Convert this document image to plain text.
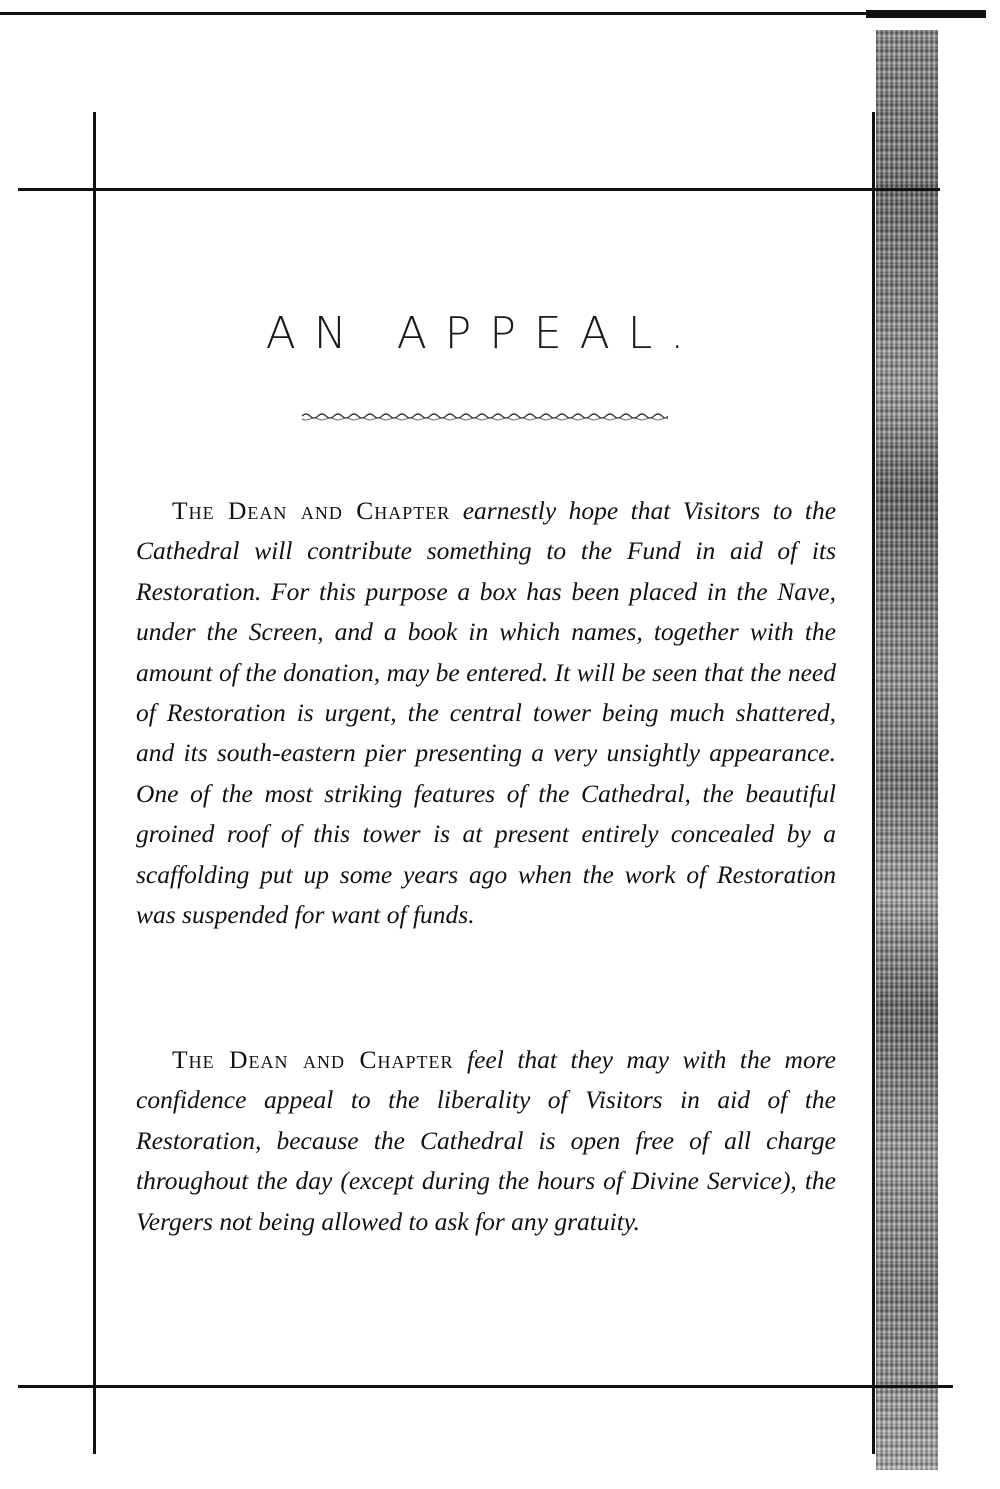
AN APPEAL.

The Dean and Chapter earnestly hope that Visitors to the Cathedral will contribute something to the Fund in aid of its Restoration. For this purpose a box has been placed in the Nave, under the Screen, and a book in which names, together with the amount of the donation, may be entered. It will be seen that the need of Restoration is urgent, the central tower being much shattered, and its south-eastern pier presenting a very unsightly appearance. One of the most striking features of the Cathedral, the beautiful groined roof of this tower is at present entirely concealed by a scaffolding put up some years ago when the work of Restoration was suspended for want of funds.

The Dean and Chapter feel that they may with the more confidence appeal to the liberality of Visitors in aid of the Restoration, because the Cathedral is open free of all charge throughout the day (except during the hours of Divine Service), the Vergers not being allowed to ask for any gratuity.
